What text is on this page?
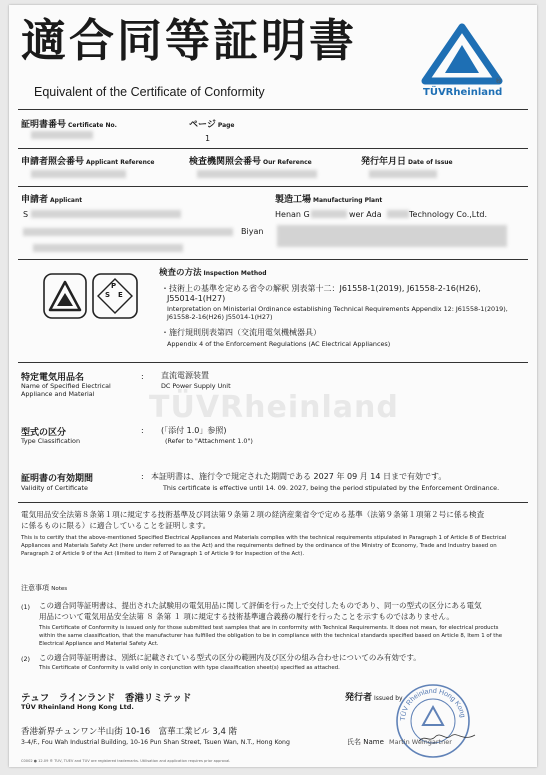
適合同等証明書
Equivalent of the Certificate of Conformity
®
TÜVRheinland
TÜVRheinland
証明書番号 Certificate No.	ページ Page
1
申請者照会番号 Applicant Reference	検査機関照会番号 Our Reference	発行年月日 Date of Issue
申請者 Applicant
S
Biyan
製造工場 Manufacturing Plant
Henan G	wer Ada	Technology Co.,Ltd.
P
S E
検査の方法 Inspection Method
・技術上の基準を定める省令の解釈 別表第十二：J61558-1(2019), J61558-2-16(H26),
J55014-1(H27)
Interpretation on Ministerial Ordinance establishing Technical Requirements Appendix 12: J61558-1(2019),
J61558-2-16(H26) J55014-1(H27)
・施行規則別表第四（交流用電気機械器具）
Appendix 4 of the Enforcement Regulations (AC Electrical Appliances)
特定電気用品名
Name of Specified Electrical
Appliance and Material
: 直流電源装置
DC Power Supply Unit
型式の区分
Type Classification
: (「添付 1.0」参照)
(Refer to "Attachment 1.0")
証明書の有効期間
Validity of Certificate
: 本証明書は、施行令で規定された期間である 2027 年 09 月 14 日まで有効です。
This certificate is effective until 14. 09. 2027, being the period stipulated by the Enforcement Ordinance.
電気用品安全法第８条第１項に規定する技術基準及び同法第９条第２項の経済産業省令で定める基準（法第９条第１項第２号に係る検査
に係るものに限る）に適合していることを証明します。
This is to certify that the above-mentioned Specified Electrical Appliances and Materials complies with the technical requirements stipulated in Paragraph 1 of Article 8 of Electrical
Appliances and Materials Safety Act (here under referred to as the Act) and the requirements defined by the ordinance of the Ministry of Economy, Trade and Industry based on
Paragraph 2 of Article 9 of the Act (limited to item 2 of Paragraph 1 of Article 9 for Inspection of the Act).
注意事項 Notes
(1) この適合同等証明書は、提出された試験用の電気用品に関して評価を行った上で交付したものであり、同一の型式の区分にある電気
用品について電気用品安全法第 ８ 条第 １ 項に規定する技術基準適合義務の履行を行ったことを示すものではありません。
This Certificate of Conformity is issued only for those submitted test samples that are in conformity with Technical Requirements. It does not mean, for electrical products
within the same classification, that the manufacturer has fulfilled the obligation to be in compliance with the technical standards specified based on Article 8, Item 1 of the
Electrical Appliance and Material Safety Act.
(2) この適合同等証明書は、別紙に記載されている型式の区分の範囲内及び区分の組み合わせについてのみ有効です。
This Certificate of Conformity is valid only in conjunction with type classification sheet(s) specified as attached.
テュフ　ラインランド　香港リミテッド
TÜV Rheinland Hong Kong Ltd.
発行者 Issued by
TÜV Rheinland Hong Kong
香港新界チュンワン半山街 10-16　富華工業ビル 3,4 階
3-4/F., Fou Wah Industrial Building, 10-16 Pun Shan Street, Tsuen Wan, N.T., Hong Kong	氏名 Name Martin Weingartner
C0002 ● 12.09 ® TUV, TUEV and TUV are registered trademarks. Utilisation and application requires prior approval.
